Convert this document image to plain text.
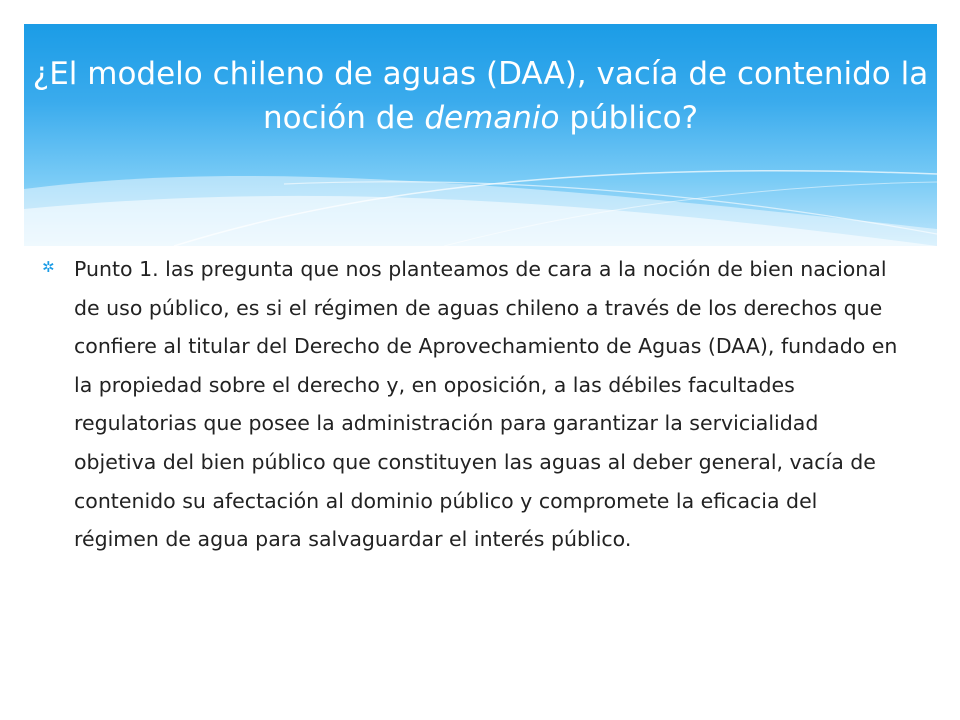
¿El modelo chileno de aguas (DAA), vacía de contenido la noción de demanio público?
✲ Punto 1. las pregunta que nos planteamos de cara a la noción de bien nacional de uso público, es si el régimen de aguas chileno a través de los derechos que confiere al titular del Derecho de Aprovechamiento de Aguas (DAA), fundado en la propiedad sobre el derecho y, en oposición, a las débiles facultades regulatorias que posee la administración para garantizar la servicialidad objetiva del bien público que constituyen las aguas al deber general, vacía de contenido su afectación al dominio público y compromete la eficacia del régimen de agua para salvaguardar el interés público.
